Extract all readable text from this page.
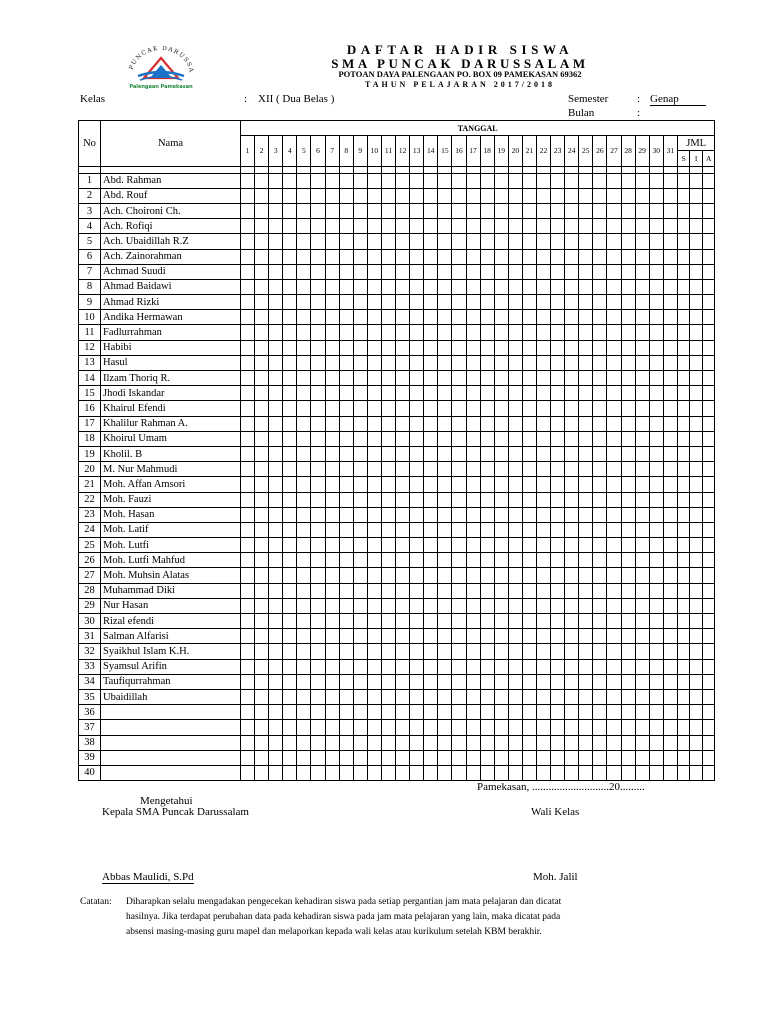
PUNCAK DARUSSA
Palengaan Pamekasan
DAFTAR HADIR SISWA
SMA PUNCAK DARUSSALAM
POTOAN DAYA PALENGAAN PO. BOX 09 PAMEKASAN 69362
TAHUN PELAJARAN 2017/2018
Kelas	: XII ( Dua Belas )	Semester	: Genap
Bulan	:
No	Nama	TANGGAL																																	
		1	2	3	4	5	6	7	8	9	10	11	12	13	14	15	16	17	18	19	20	21	22	23	24	25	26	27	28	29	30	31	JML		
																																	S	I	A

1	Abd. Rahman																																		
2	Abd. Rouf																																		
3	Ach. Choironi Ch.																																		
4	Ach. Rofiqi																																		
5	Ach. Ubaidillah R.Z																																		
6	Ach. Zainorahman																																		
7	Achmad Suudi																																		
8	Ahmad Baidawi																																		
9	Ahmad Rizki																																		
10	Andika Hermawan																																		
11	Fadlurrahman																																		
12	Habibi																																		
13	Hasul																																		
14	Ilzam Thoriq R.																																		
15	Jhodi Iskandar																																		
16	Khairul Efendi																																		
17	Khalilur Rahman A.																																		
18	Khoirul Umam																																		
19	Kholil. B																																		
20	M. Nur Mahmudi																																		
21	Moh. Affan Amsori																																		
22	Moh. Fauzi																																		
23	Moh. Hasan																																		
24	Moh. Latif																																		
25	Moh. Lutfi																																		
26	Moh. Lutfi Mahfud																																		
27	Moh. Muhsin Alatas																																		
28	Muhammad Diki																																		
29	Nur Hasan																																		
30	Rizal efendi																																		
31	Salman Alfarisi																																		
32	Syaikhul Islam K.H.																																		
33	Syamsul Arifin																																		
34	Taufiqurrahman																																		
35	Ubaidillah																																		
36																																			
37																																			
38																																			
39																																			
40																																			
Pamekasan, ............................20.........
Mengetahui
Kepala SMA Puncak Darussalam	Wali Kelas
Abbas Maulidi, S.Pd	Moh. Jalil
Catatan: Diharapkan selalu mengadakan pengecekan kehadiran siswa pada setiap pergantian jam mata pelajaran dan dicatat
hasilnya. Jika terdapat perubahan data pada kehadiran siswa pada jam mata pelajaran yang lain, maka dicatat pada
absensi masing-masing guru mapel dan melaporkan kepada wali kelas atau kurikulum setelah KBM berakhir.
